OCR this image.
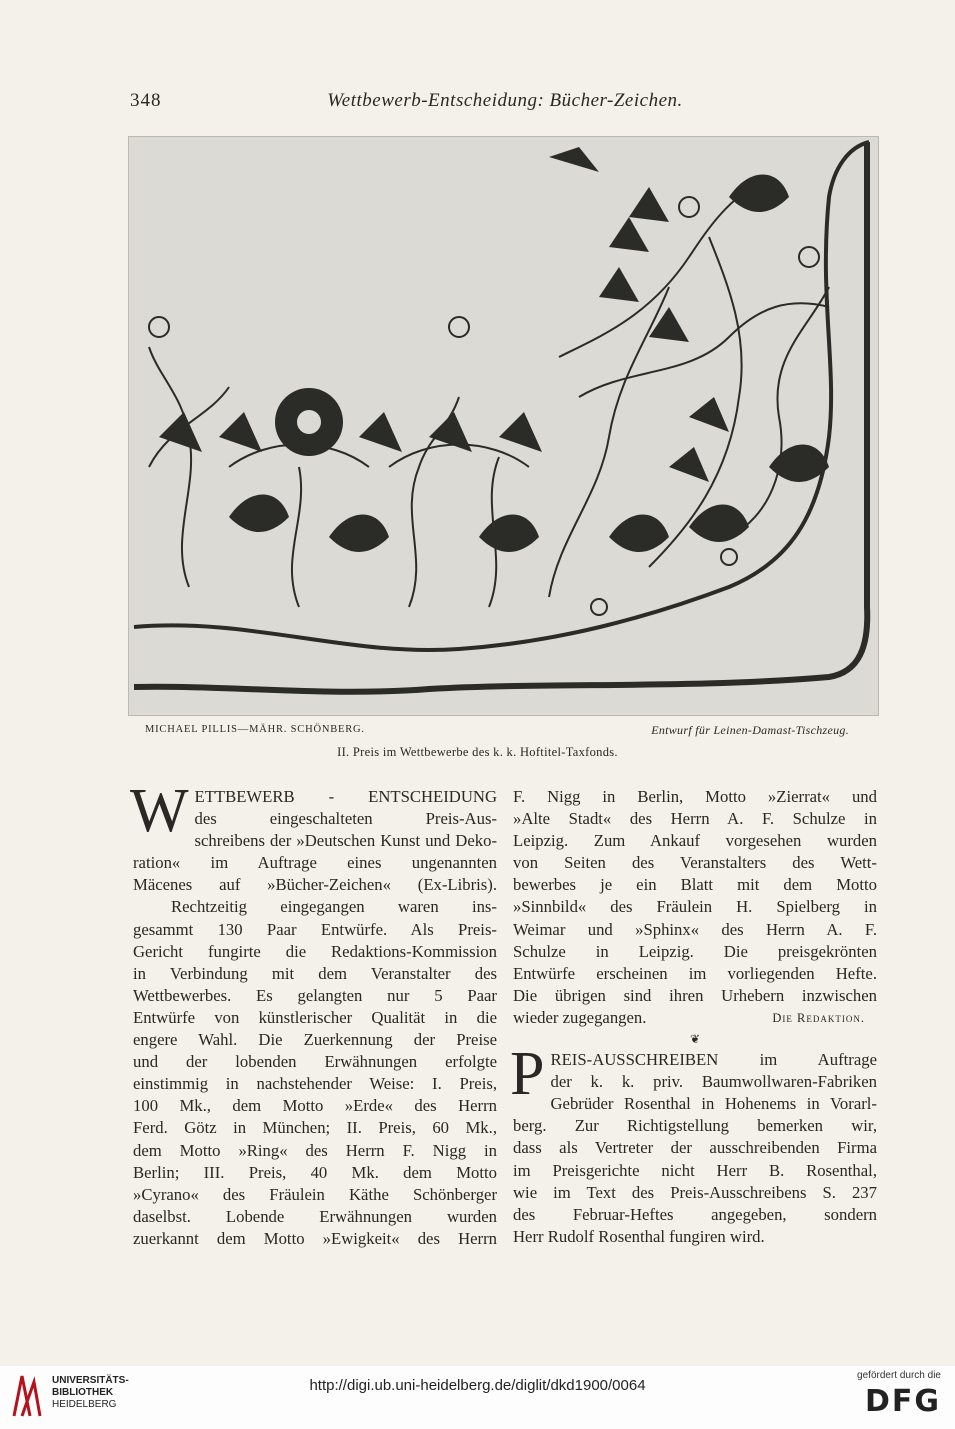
348	Wettbewerb-Entscheidung: Bücher-Zeichen.
MICHAEL PILLIS—MÄHR. SCHÖNBERG.	Entwurf für Leinen-Damast-Tischzeug.
II. Preis im Wettbewerbe des k. k. Hoftitel-Taxfonds.
W ETTBEWERB - ENTSCHEIDUNG
des eingeschalteten Preis-Aus-
schreibens der »Deutschen Kunst und Deko-
ration« im Auftrage eines ungenannten
Mäcenes auf »Bücher-Zeichen« (Ex-Libris).
Rechtzeitig eingegangen waren ins-
gesammt 130 Paar Entwürfe. Als Preis-
Gericht fungirte die Redaktions-Kommission
in Verbindung mit dem Veranstalter des
Wettbewerbes. Es gelangten nur 5 Paar
Entwürfe von künstlerischer Qualität in die
engere Wahl. Die Zuerkennung der Preise
und der lobenden Erwähnungen erfolgte
einstimmig in nachstehender Weise: I. Preis,
100 Mk., dem Motto »Erde« des Herrn
Ferd. Götz in München; II. Preis, 60 Mk.,
dem Motto »Ring« des Herrn F. Nigg in
Berlin; III. Preis, 40 Mk. dem Motto
»Cyrano« des Fräulein Käthe Schönberger
daselbst. Lobende Erwähnungen wurden
zuerkannt dem Motto »Ewigkeit« des Herrn
F. Nigg in Berlin, Motto »Zierrat« und
»Alte Stadt« des Herrn A. F. Schulze in
Leipzig. Zum Ankauf vorgesehen wurden
von Seiten des Veranstalters des Wett-
bewerbes je ein Blatt mit dem Motto
»Sinnbild« des Fräulein H. Spielberg in
Weimar und »Sphinx« des Herrn A. F.
Schulze in Leipzig. Die preisgekrönten
Entwürfe erscheinen im vorliegenden Hefte.
Die übrigen sind ihren Urhebern inzwischen
wieder zugegangen.	Die Redaktion.
❦
P REIS-AUSSCHREIBEN im Auftrage
der k. k. priv. Baumwollwaren-Fabriken
Gebrüder Rosenthal in Hohenems in Vorarl-
berg. Zur Richtigstellung bemerken wir,
dass als Vertreter der ausschreibenden Firma
im Preisgerichte nicht Herr B. Rosenthal,
wie im Text des Preis-Ausschreibens S. 237
des Februar-Heftes angegeben, sondern
Herr Rudolf Rosenthal fungiren wird.
UNIVERSITÄTS-
BIBLIOTHEK
HEIDELBERG
http://digi.ub.uni-heidelberg.de/diglit/dkd1900/0064
gefördert durch die
DFG
